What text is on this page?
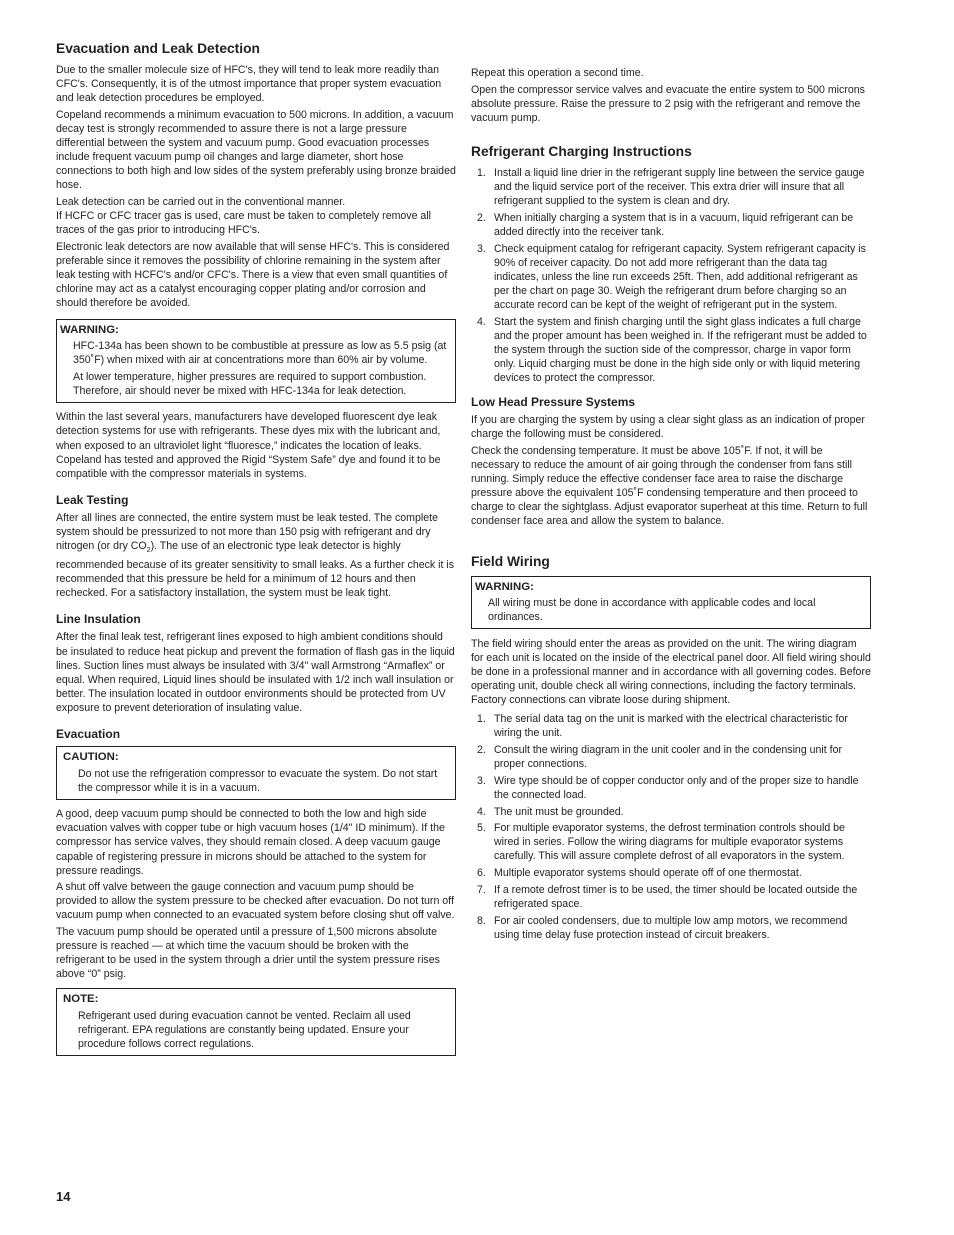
Evacuation and Leak Detection

Due to the smaller molecule size of HFC's, they will tend to leak more readily than CFC's. Consequently, it is of the utmost importance that proper system evacuation and leak detection procedures be employed.

Copeland recommends a minimum evacuation to 500 microns. In addition, a vacuum decay test is strongly recommended to assure there is not a large pressure differential between the system and vacuum pump. Good evacuation processes include frequent vacuum pump oil changes and large diameter, short hose connections to both high and low sides of the system preferably using bronze braided hose.

Leak detection can be carried out in the conventional manner.

If HCFC or CFC tracer gas is used, care must be taken to completely remove all traces of the gas prior to introducing HFC's.

Electronic leak detectors are now available that will sense HFC's. This is considered preferable since it removes the possibility of chlorine remaining in the system after leak testing with HCFC's and/or CFC's. There is a view that even small quantities of chlorine may act as a catalyst encouraging copper plating and/or corrosion and should therefore be avoided.

WARNING:

HFC-134a has been shown to be combustible at pressure as low as 5.5 psig (at 350˚F) when mixed with air at concentrations more than 60% air by volume.

At lower temperature, higher pressures are required to support combustion. Therefore, air should never be mixed with HFC-134a for leak detection.

Within the last several years, manufacturers have developed fluorescent dye leak detection systems for use with refrigerants. These dyes mix with the lubricant and, when exposed to an ultraviolet light “fluoresce,” indicates the location of leaks. Copeland has tested and approved the Rigid “System Safe” dye and found it to be compatible with the compressor materials in systems.

Leak Testing

After all lines are connected, the entire system must be leak tested. The complete system should be pressurized to not more than 150 psig with refrigerant and dry nitrogen (or dry $CO_2$). The use of an electronic type leak detector is highly recommended because of its greater sensitivity to small leaks. As a further check it is recommended that this pressure be held for a minimum of 12 hours and then rechecked. For a satisfactory installation, the system must be leak tight.

Line Insulation

After the final leak test, refrigerant lines exposed to high ambient conditions should be insulated to reduce heat pickup and prevent the formation of flash gas in the liquid lines. Suction lines must always be insulated with 3/4" wall Armstrong “Armaflex” or equal. When required, Liquid lines should be insulated with 1/2 inch wall insulation or better. The insulation located in outdoor environments should be protected from UV exposure to prevent deterioration of insulating value.

Evacuation
CAUTION:

Do not use the refrigeration compressor to evacuate the system. Do not start the compressor while it is in a vacuum.

A good, deep vacuum pump should be connected to both the low and high side evacuation valves with copper tube or high vacuum hoses (1/4" ID minimum). If the compressor has service valves, they should remain closed. A deep vacuum gauge capable of registering pressure in microns should be attached to the system for pressure readings.

A shut off valve between the gauge connection and vacuum pump should be provided to allow the system pressure to be checked after evacuation. Do not turn off vacuum pump when connected to an evacuated system before closing shut off valve.

The vacuum pump should be operated until a pressure of 1,500 microns absolute pressure is reached — at which time the vacuum should be broken with the refrigerant to be used in the system through a drier until the system pressure rises above “0” psig.

NOTE:

Refrigerant used during evacuation cannot be vented. Reclaim all used refrigerant. EPA regulations are constantly being updated. Ensure your procedure follows correct regulations.

Repeat this operation a second time.

Open the compressor service valves and evacuate the entire system to 500 microns absolute pressure. Raise the pressure to 2 psig with the refrigerant and remove the vacuum pump.

Refrigerant Charging Instructions
1. Install a liquid line drier in the refrigerant supply line between the service gauge and the liquid service port of the receiver. This extra drier will insure that all refrigerant supplied to the system is clean and dry.
2. When initially charging a system that is in a vacuum, liquid refrigerant can be added directly into the receiver tank.
3. Check equipment catalog for refrigerant capacity. System refrigerant capacity is 90% of receiver capacity. Do not add more refrigerant than the data tag indicates, unless the line run exceeds 25ft. Then, add additional refrigerant as per the chart on page 30. Weigh the refrigerant drum before charging so an accurate record can be kept of the weight of refrigerant put in the system.
4. Start the system and finish charging until the sight glass indicates a full charge and the proper amount has been weighed in. If the refrigerant must be added to the system through the suction side of the compressor, charge in vapor form only. Liquid charging must be done in the high side only or with liquid metering devices to protect the compressor.
Low Head Pressure Systems

If you are charging the system by using a clear sight glass as an indication of proper charge the following must be considered.

Check the condensing temperature. It must be above 105˚F. If not, it will be necessary to reduce the amount of air going through the condenser from fans still running. Simply reduce the effective condenser face area to raise the discharge pressure above the equivalent 105˚F condensing temperature and then proceed to charge to clear the sightglass. Adjust evaporator superheat at this time. Return to full condenser face area and allow the system to balance.

Field Wiring
WARNING:

All wiring must be done in accordance with applicable codes and local ordinances.

The field wiring should enter the areas as provided on the unit. The wiring diagram for each unit is located on the inside of the electrical panel door. All field wiring should be done in a professional manner and in accordance with all governing codes. Before operating unit, double check all wiring connections, including the factory terminals. Factory connections can vibrate loose during shipment.

1. The serial data tag on the unit is marked with the electrical characteristic for wiring the unit.
2. Consult the wiring diagram in the unit cooler and in the condensing unit for proper connections.
3. Wire type should be of copper conductor only and of the proper size to handle the connected load.
4. The unit must be grounded.
5. For multiple evaporator systems, the defrost termination controls should be wired in series. Follow the wiring diagrams for multiple evaporator systems carefully. This will assure complete defrost of all evaporators in the system.
6. Multiple evaporator systems should operate off of one thermostat.
7. If a remote defrost timer is to be used, the timer should be located outside the refrigerated space.
8. For air cooled condensers, due to multiple low amp motors, we recommend using time delay fuse protection instead of circuit breakers.
14
